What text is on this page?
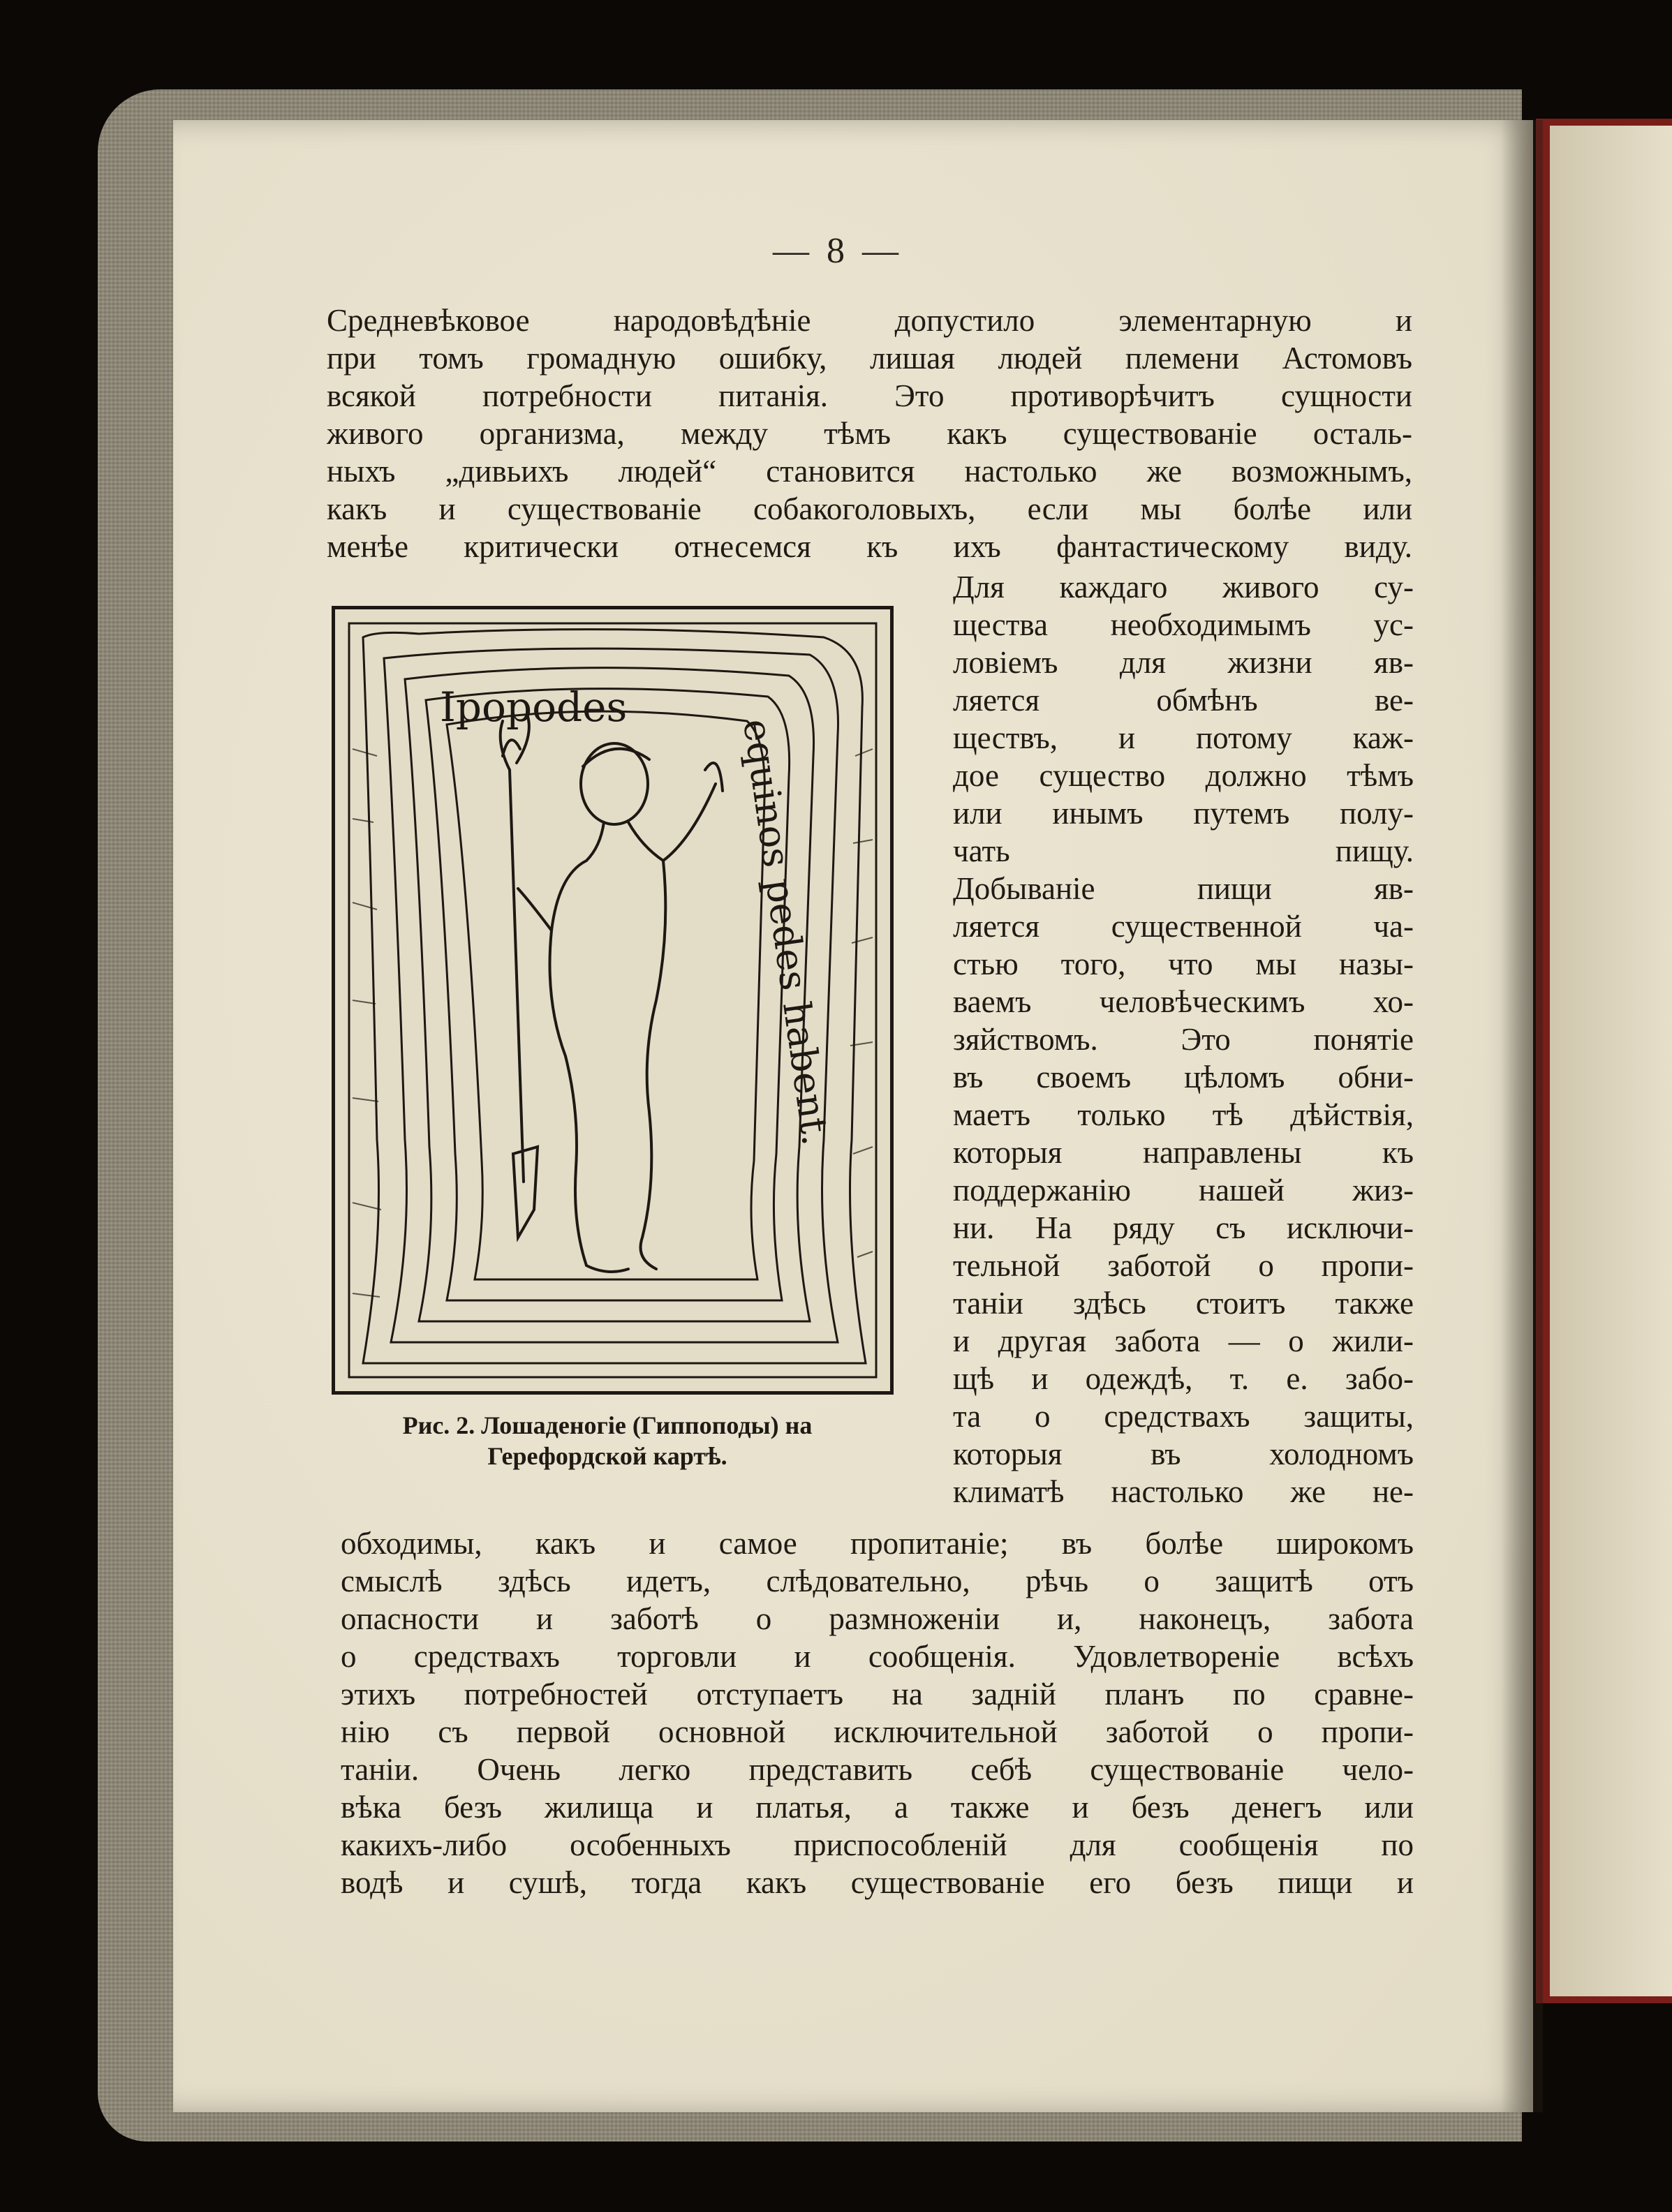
— 8 —
Средневѣковое народовѣдѣніе допустило элементарную и
при томъ громадную ошибку, лишая людей племени Астомовъ
всякой потребности питанія. Это противорѣчитъ сущности
живого организма, между тѣмъ какъ существованіе осталь-
ныхъ „дивьихъ людей“ становится настолько же возможнымъ,
какъ и существованіе собакоголовыхъ, если мы болѣе или
менѣе критически отнесемся къ ихъ фантастическому виду.
Для каждаго живого су-
щества необходимымъ ус-
ловіемъ для жизни яв-
ляется обмѣнъ ве-
ществъ, и потому каж-
дое существо должно тѣмъ
или инымъ путемъ полу-
чать пищу.
Добываніе пищи яв-
ляется существенной ча-
стью того, что мы назы-
ваемъ человѣческимъ хо-
зяйствомъ. Это понятіе
въ своемъ цѣломъ обни-
маетъ только тѣ дѣйствія,
которыя направлены къ
поддержанію нашей жиз-
ни. На ряду съ исключи-
тельной заботой о пропи-
таніи здѣсь стоитъ также
и другая забота — о жили-
щѣ и одеждѣ, т. е. забо-
та о средствахъ защиты,
которыя въ холодномъ
климатѣ настолько же не-
обходимы, какъ и самое пропитаніе; въ болѣе широкомъ
смыслѣ здѣсь идетъ, слѣдовательно, рѣчь о защитѣ отъ
опасности и заботѣ о размноженіи и, наконецъ, забота
о средствахъ торговли и сообщенія. Удовлетвореніе всѣхъ
этихъ потребностей отступаетъ на задній планъ по сравне-
нію съ первой основной исключительной заботой о пропи-
таніи. Очень легко представить себѣ существованіе чело-
вѣка безъ жилища и платья, а также и безъ денегъ или
какихъ-либо особенныхъ приспособленій для сообщенія по
водѣ и сушѣ, тогда какъ существованіе его безъ пищи и
Ipopodes
equinos pedes habent.
Рис. 2. Лошаденогіе (Гиппоподы) на
Герефордской картѣ.
